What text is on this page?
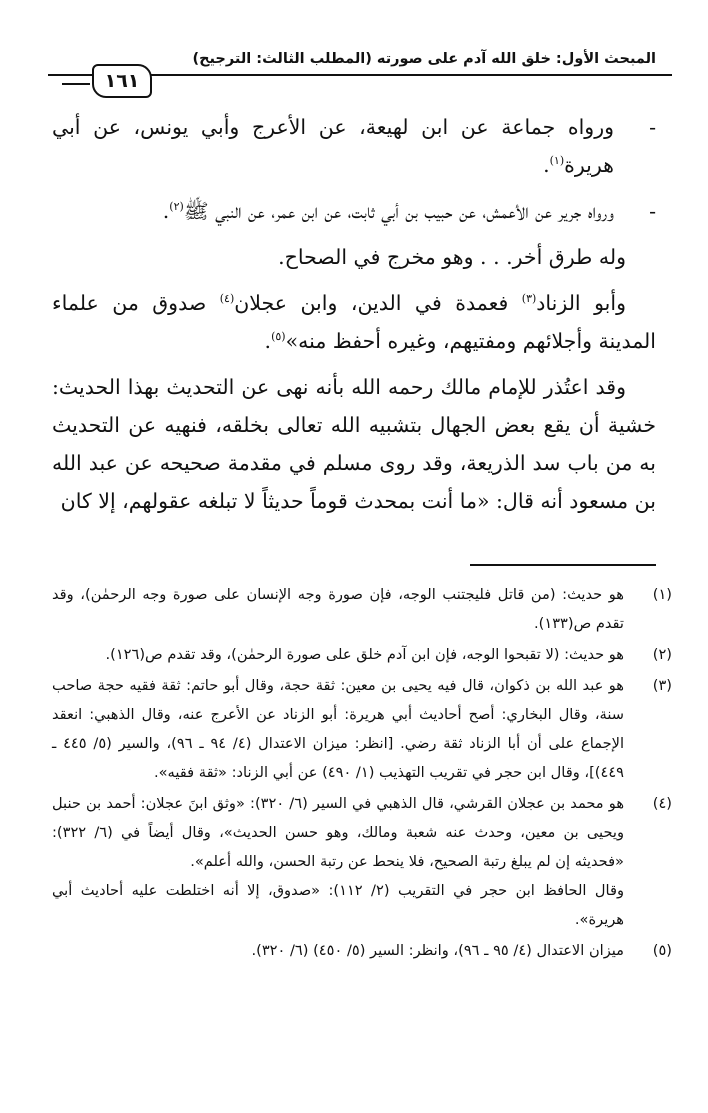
المبحث الأول: خلق الله آدم على صورته (المطلب الثالث: الترجيح)
١٦١
-
ورواه جماعة عن ابن لهيعة، عن الأعرج وأبي يونس، عن أبي هريرة$^{(١)}$.
-
ورواه جرير عن الأعمش، عن حبيب بن أبي ثابت، عن ابن عمر، عن النبي ﷺ$^{(٢)}$.

وله طرق أخر. . . وهو مخرج في الصحاح.

وأبو الزناد$^{(٣)}$ فعمدة في الدين، وابن عجلان$^{(٤)}$ صدوق من علماء المدينة وأجلائهم ومفتيهم، وغيره أحفظ منه»$^{(٥)}$.

وقد اعتُذر للإمام مالك رحمه الله بأنه نهى عن التحديث بهذا الحديث: خشية أن يقع بعض الجهال بتشبيه الله تعالى بخلقه، فنهيه عن التحديث به من باب سد الذريعة، وقد روى مسلم في مقدمة صحيحه عن عبد الله بن مسعود أنه قال: «ما أنت بمحدث قوماً حديثاً لا تبلغه عقولهم، إلا كان

(١)
هو حديث: (من قاتل فليجتنب الوجه، فإن صورة وجه الإنسان على صورة وجه الرحمٰن)، وقد تقدم ص(١٣٣).
(٢)
هو حديث: (لا تقبحوا الوجه، فإن ابن آدم خلق على صورة الرحمٰن)، وقد تقدم ص(١٢٦).
(٣)
هو عبد الله بن ذكوان، قال فيه يحيى بن معين: ثقة حجة، وقال أبو حاتم: ثقة فقيه حجة صاحب سنة، وقال البخاري: أصح أحاديث أبي هريرة: أبو الزناد عن الأعرج عنه، وقال الذهبي: انعقد الإجماع على أن أبا الزناد ثقة رضي. [انظر: ميزان الاعتدال (٤/ ٩٤ ـ ٩٦)، والسير (٥/ ٤٤٥ ـ ٤٤٩)]، وقال ابن حجر في تقريب التهذيب (١/ ٤٩٠) عن أبي الزناد: «ثقة فقيه».
(٤)

هو محمد بن عجلان القرشي، قال الذهبي في السير (٦/ ٣٢٠): «وثق ابنَ عجلان: أحمد بن حنبل ويحيى بن معين، وحدث عنه شعبة ومالك، وهو حسن الحديث»، وقال أيضاً في (٦/ ٣٢٢): «فحديثه إن لم يبلغ رتبة الصحيح، فلا ينحط عن رتبة الحسن، والله أعلم».

وقال الحافظ ابن حجر في التقريب (٢/ ١١٢): «صدوق، إلا أنه اختلطت عليه أحاديث أبي هريرة».

(٥)
ميزان الاعتدال (٤/ ٩٥ ـ ٩٦)، وانظر: السير (٥/ ٤٥٠) (٦/ ٣٢٠).
